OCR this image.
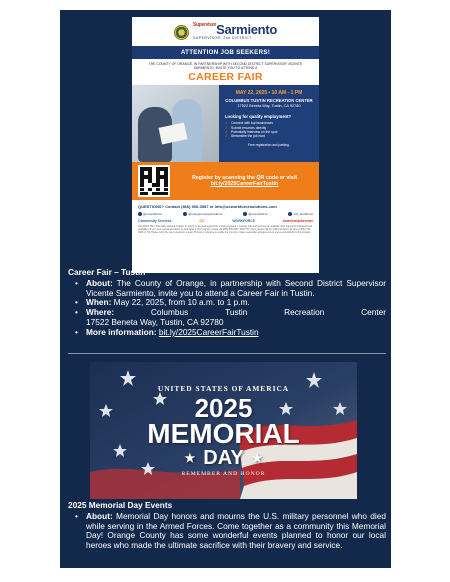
$^{Supervisor}$Sarmiento
SUPERVISOR, 2nd DISTRICT
ATTENTION JOB SEEKERS!
THE COUNTY OF ORANGE, IN PARTNERSHIP WITH SECOND DISTRICT SUPERVISOR VICENTE SARMIENTO, INVITE YOU TO ATTEND A
CAREER FAIR
MAY 22, 2025 • 10 AM - 1 PM
COLUMBUS TUSTIN RECREATION CENTER
17522 Beneta Way, Tustin, CA 92780
Looking for quality employment?
✓ Connect with top businesses
✓ Submit resumes directly
✓ Potentially interview on the spot
✓ Streamline the job hunt
Free registration and parking.
Register by scanning the QR code or visit
bit.ly/2025CareerFairTustin
QUESTIONS? Contact (866) 500-0587 or info@ocworkforcesolutions.com
@ocworkforce	@orangecountyworkforce	@ocworkforce	ocb_workforce
Community Services	OC	WORKFORCE	americanjobcenter
This WIOA Title I-financially assisted program or activity is an equal opportunity employer/program. Auxiliary aids and services are available upon request to individuals with disabilities. If you need special assistance to participate in this program, please call (866) 500-0587. CRS/TTY users, please call the California Relay Service at (800) 735-2929 or 711. Please notify the event organizer at least 72 hours in advance to enable the County to make reasonable arrangements to ensure accessibility to this program.
Career Fair – Tustin
• About: The County of Orange, in partnership with Second District Supervisor Vicente Sarmiento, invite you to attend a Career Fair in Tustin.
• When: May 22, 2025, from 10 a.m. to 1 p.m.
• Where:	Columbus	Tustin	Recreation	Center
17522 Beneta Way, Tustin, CA 92780
• More information: bit.ly/2025CareerFairTustin
UNITED STATES OF AMERICA
2025
MEMORIAL
★ DAY ★
REMEMBER AND HONOR
2025 Memorial Day Events
• About: Memorial Day honors and mourns the U.S. military personnel who died while serving in the Armed Forces. Come together as a community this Memorial Day! Orange County has some wonderful events planned to honor our local heroes who made the ultimate sacrifice with their bravery and service.
